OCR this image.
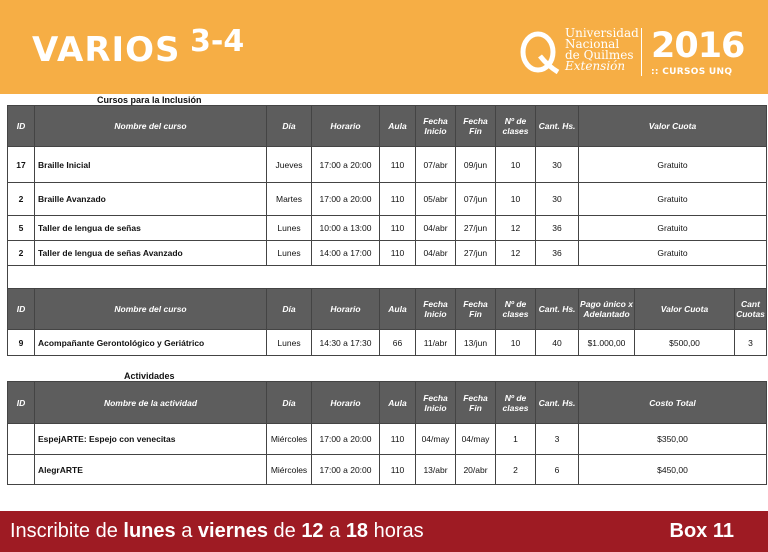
VARIOS 3-4	Universidad
Nacional
de Quilmes
Extensión 2016
:: CURSOS UNQ
Cursos para la Inclusión
ID	Nombre del curso	Día	Horario	Aula	Fecha Inicio	Fecha Fin	Nº de clases	Cant. Hs.	Valor Cuota
17	Braille Inicial	Jueves	17:00 a 20:00	110	07/abr	09/jun	10	30	Gratuito
2	Braille Avanzado	Martes	17:00 a 20:00	110	05/abr	07/jun	10	30	Gratuito
5	Taller de lengua de señas	Lunes	10:00 a 13:00	110	04/abr	27/jun	12	36	Gratuito
2	Taller de lengua de señas Avanzado	Lunes	14:00 a 17:00	110	04/abr	27/jun	12	36	Gratuito

ID	Nombre del curso	Día	Horario	Aula	Fecha Inicio	Fecha Fin	Nº de clases	Cant. Hs.	Pago único x Adelantado	Valor Cuota	Cant Cuotas
9	Acompañante Gerontológico y Geriátrico	Lunes	14:30 a 17:30	66	11/abr	13/jun	10	40	$1.000,00	$500,00	3
Actividades
ID	Nombre de la actividad	Día	Horario	Aula	Fecha Inicio	Fecha Fin	Nº de clases	Cant. Hs.	Costo Total
	EspejARTE: Espejo con venecitas	Miércoles	17:00 a 20:00	110	04/may	04/may	1	3	$350,00
	AlegrARTE	Miércoles	17:00 a 20:00	110	13/abr	20/abr	2	6	$450,00
Inscribite de lunes a viernes de 12 a 18 horas	Box 11
